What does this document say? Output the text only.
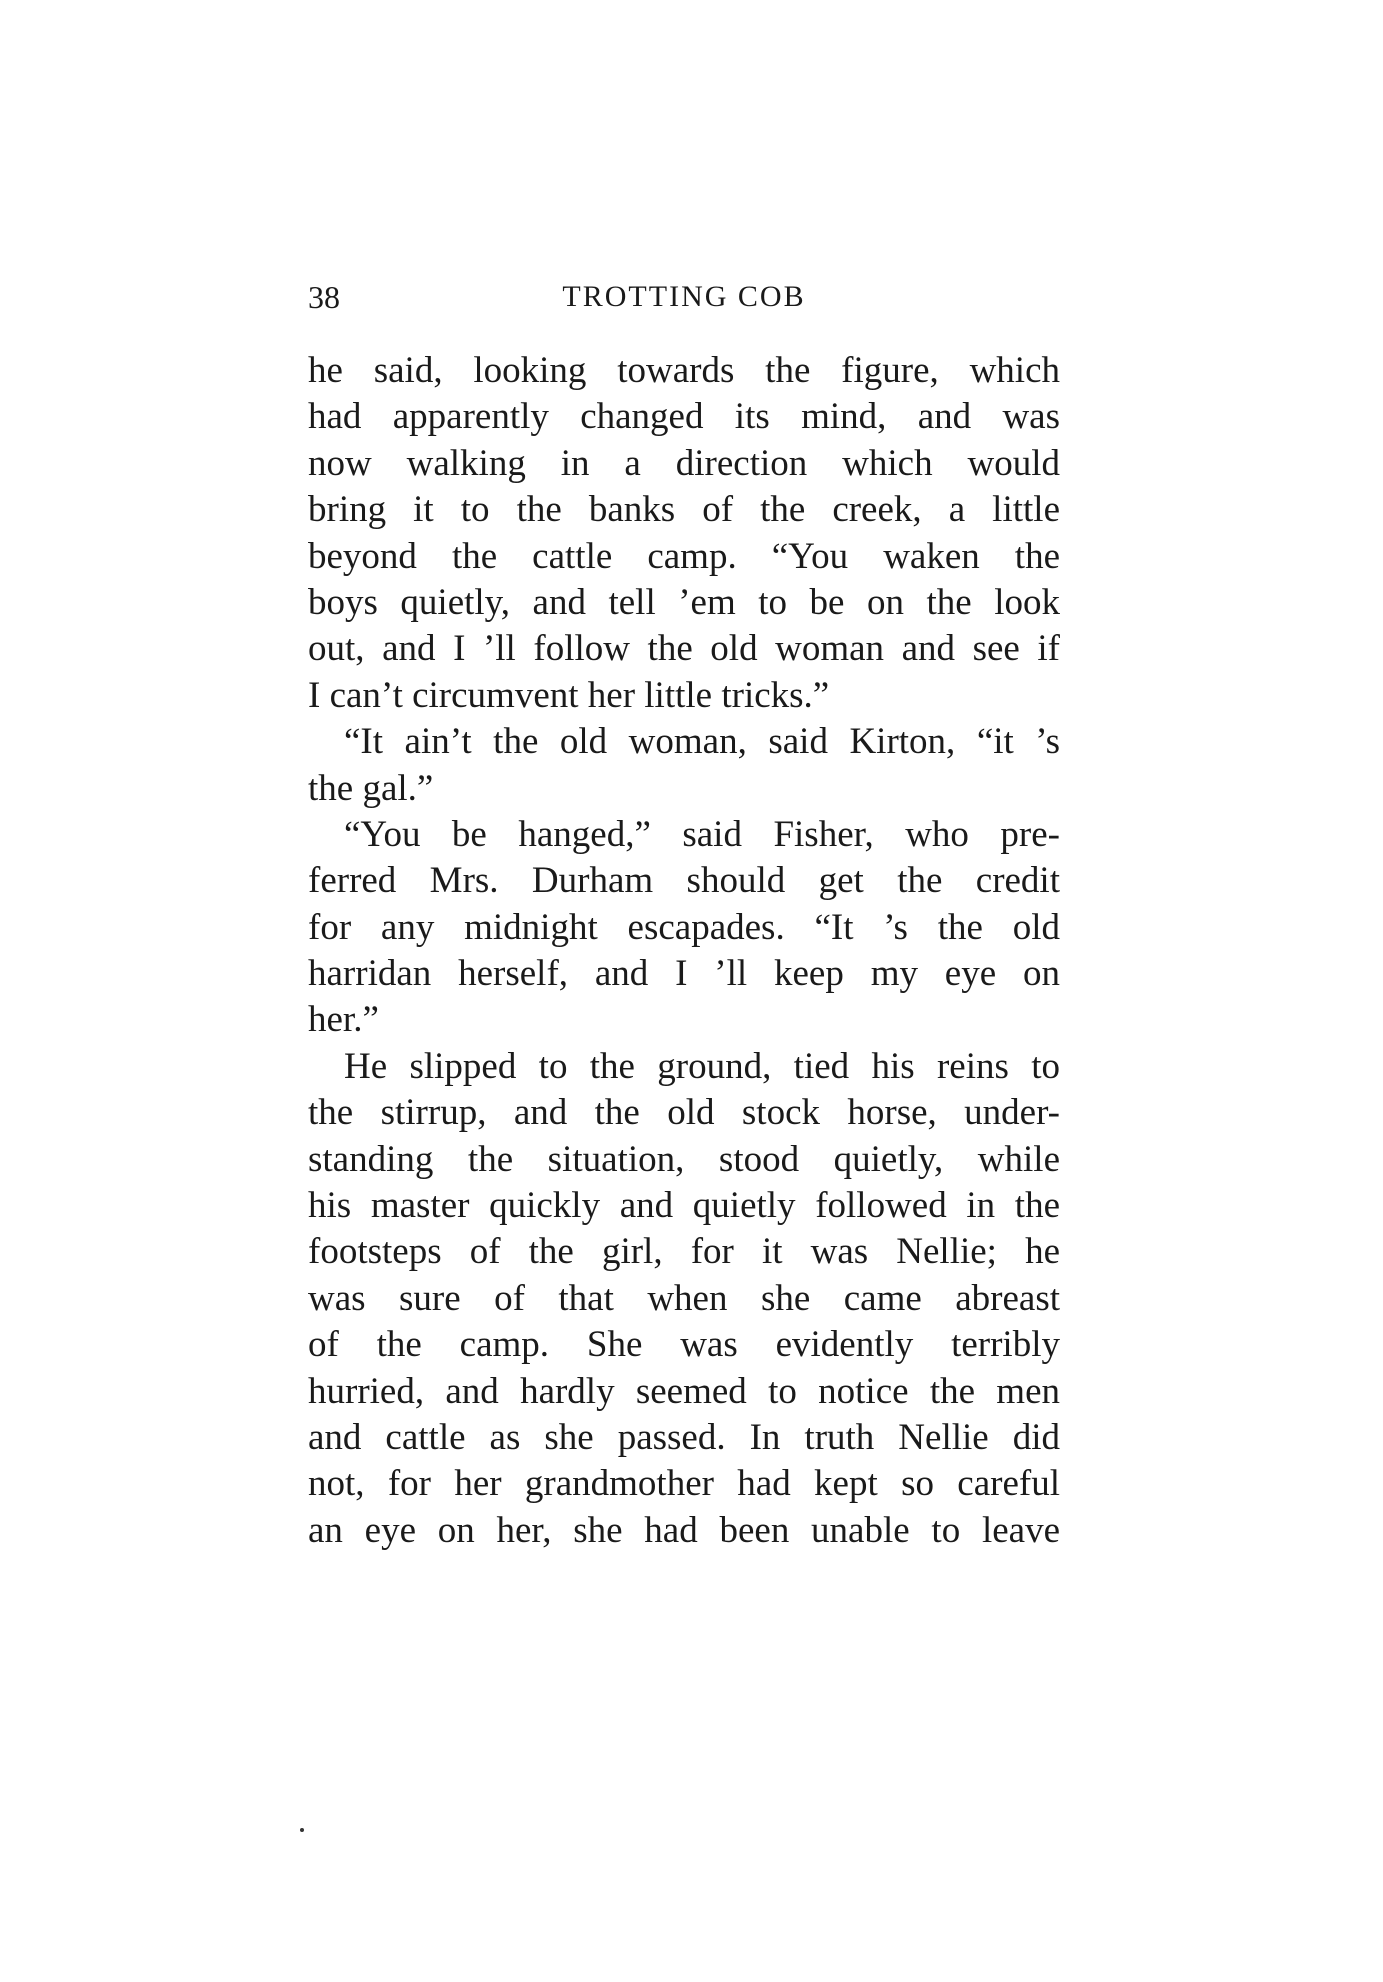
38	TROTTING COB
he said, looking towards the figure, which
had apparently changed its mind, and was
now walking in a direction which would
bring it to the banks of the creek, a little
beyond the cattle camp. “You waken the
boys quietly, and tell ’em to be on the look
out, and I ’ll follow the old woman and see if
I can’t circumvent her little tricks.”
“It ain’t the old woman, said Kirton, “it ’s
the gal.”
“You be hanged,” said Fisher, who pre-
ferred Mrs. Durham should get the credit
for any midnight escapades. “It ’s the old
harridan herself, and I ’ll keep my eye on
her.”
He slipped to the ground, tied his reins to
the stirrup, and the old stock horse, under-
standing the situation, stood quietly, while
his master quickly and quietly followed in the
footsteps of the girl, for it was Nellie; he
was sure of that when she came abreast
of the camp. She was evidently terribly
hurried, and hardly seemed to notice the men
and cattle as she passed. In truth Nellie did
not, for her grandmother had kept so careful
an eye on her, she had been unable to leave
